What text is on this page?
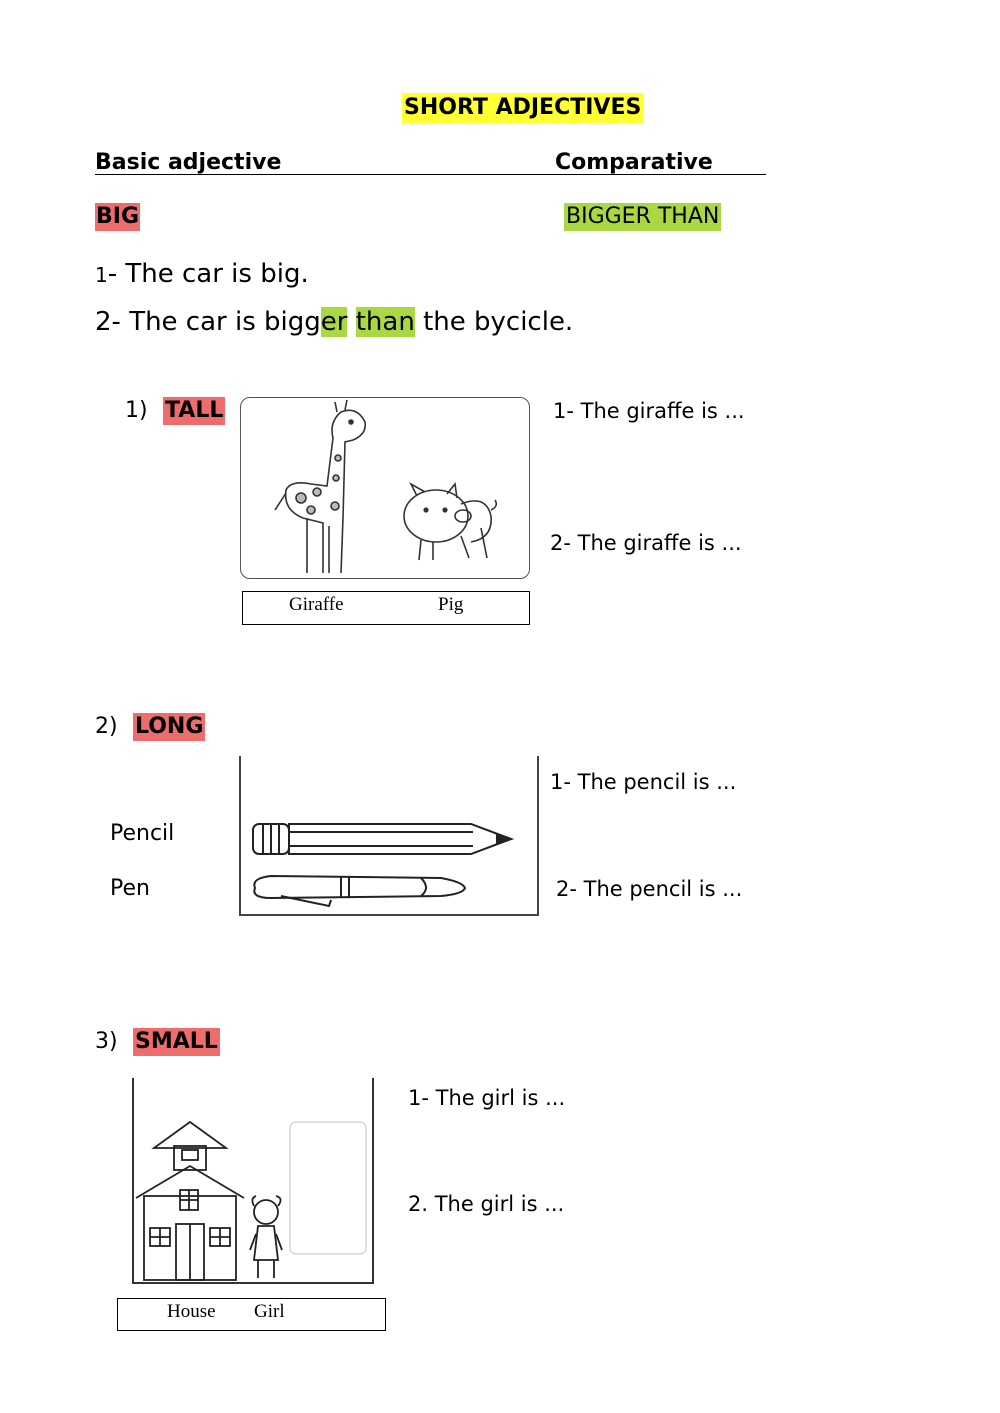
SHORT ADJECTIVES
Basic adjective	Comparative
BIG	BIGGER THAN
1- The car is big.
2- The car is bigger than the bycicle.
1) TALL
Giraffe	Pig
1- The giraffe is ...
2- The giraffe is ...
2) LONG
Pencil
Pen
1- The pencil is ...
2- The pencil is ...
3) SMALL
House Girl
1- The girl is ...
2. The girl is ...
